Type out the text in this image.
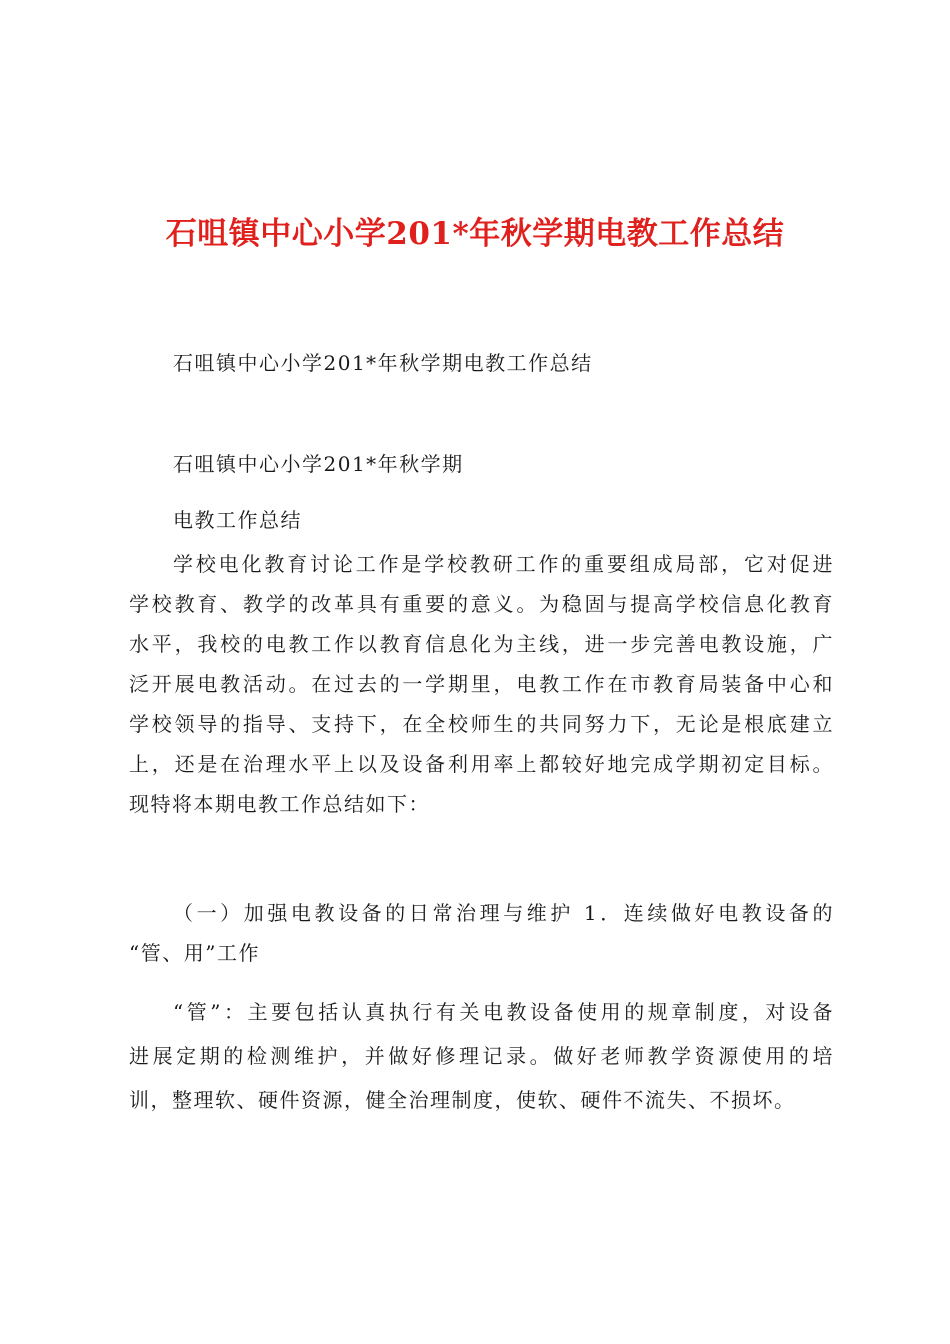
石咀镇中心小学201*年秋学期电教工作总结
石咀镇中心小学201*年秋学期电教工作总结
石咀镇中心小学201*年秋学期
电教工作总结
学校电化教育讨论工作是学校教研工作的重要组成局部，它对促进
学校教育、教学的改革具有重要的意义。为稳固与提高学校信息化教育
水平，我校的电教工作以教育信息化为主线，进一步完善电教设施，广
泛开展电教活动。在过去的一学期里，电教工作在市教育局装备中心和
学校领导的指导、支持下，在全校师生的共同努力下，无论是根底建立
上，还是在治理水平上以及设备利用率上都较好地完成学期初定目标。
现特将本期电教工作总结如下：
（一）加强电教设备的日常治理与维护 1．连续做好电教设备的
“管、用”工作
“管”：主要包括认真执行有关电教设备使用的规章制度，对设备
进展定期的检测维护，并做好修理记录。做好老师教学资源使用的培
训，整理软、硬件资源，健全治理制度，使软、硬件不流失、不损坏。
